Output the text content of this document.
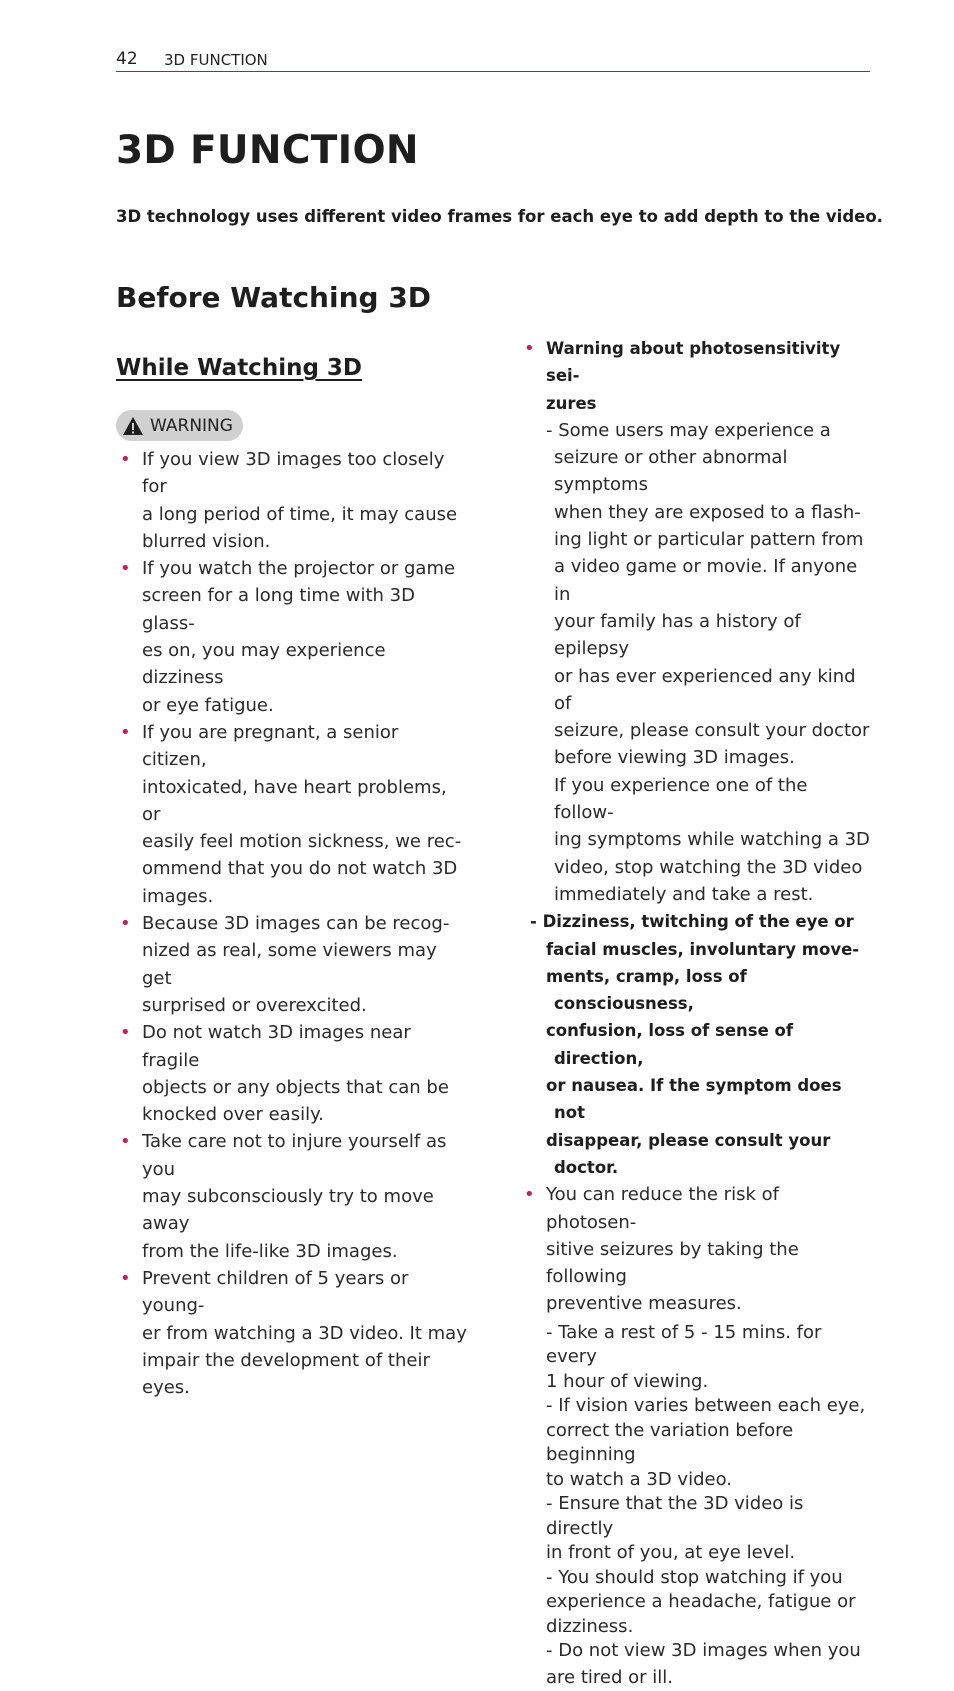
42 3D FUNCTION
3D FUNCTION

3D technology uses different video frames for each eye to add depth to the video.

Before Watching 3D
While Watching 3D
WARNING
• If you view 3D images too closely for
a long period of time, it may cause
blurred vision.
• If you watch the projector or game
screen for a long time with 3D glass-
es on, you may experience dizziness
or eye fatigue.
• If you are pregnant, a senior citizen,
intoxicated, have heart problems, or
easily feel motion sickness, we rec-
ommend that you do not watch 3D
images.
• Because 3D images can be recog-
nized as real, some viewers may get
surprised or overexcited.
• Do not watch 3D images near fragile
objects or any objects that can be
knocked over easily.
• Take care not to injure yourself as you
may subconsciously try to move away
from the life-like 3D images.
• Prevent children of 5 years or young-
er from watching a 3D video. It may
impair the development of their eyes.
• Warning about photosensitivity sei-
zures
- Some users may experience a
seizure or other abnormal symptoms
when they are exposed to a flash-
ing light or particular pattern from
a video game or movie. If anyone in
your family has a history of epilepsy
or has ever experienced any kind of
seizure, please consult your doctor
before viewing 3D images.
If you experience one of the follow-
ing symptoms while watching a 3D
video, stop watching the 3D video
immediately and take a rest.
- Dizziness, twitching of the eye or
facial muscles, involuntary move-
ments, cramp, loss of consciousness,
confusion, loss of sense of direction,
or nausea. If the symptom does not
disappear, please consult your doctor.
• You can reduce the risk of photosen-
sitive seizures by taking the following
preventive measures.
- Take a rest of 5 - 15 mins. for every
1 hour of viewing.
- If vision varies between each eye,
correct the variation before beginning
to watch a 3D video.
- Ensure that the 3D video is directly
in front of you, at eye level.
- You should stop watching if you
experience a headache, fatigue or
dizziness.
- Do not view 3D images when you
are tired or ill.
